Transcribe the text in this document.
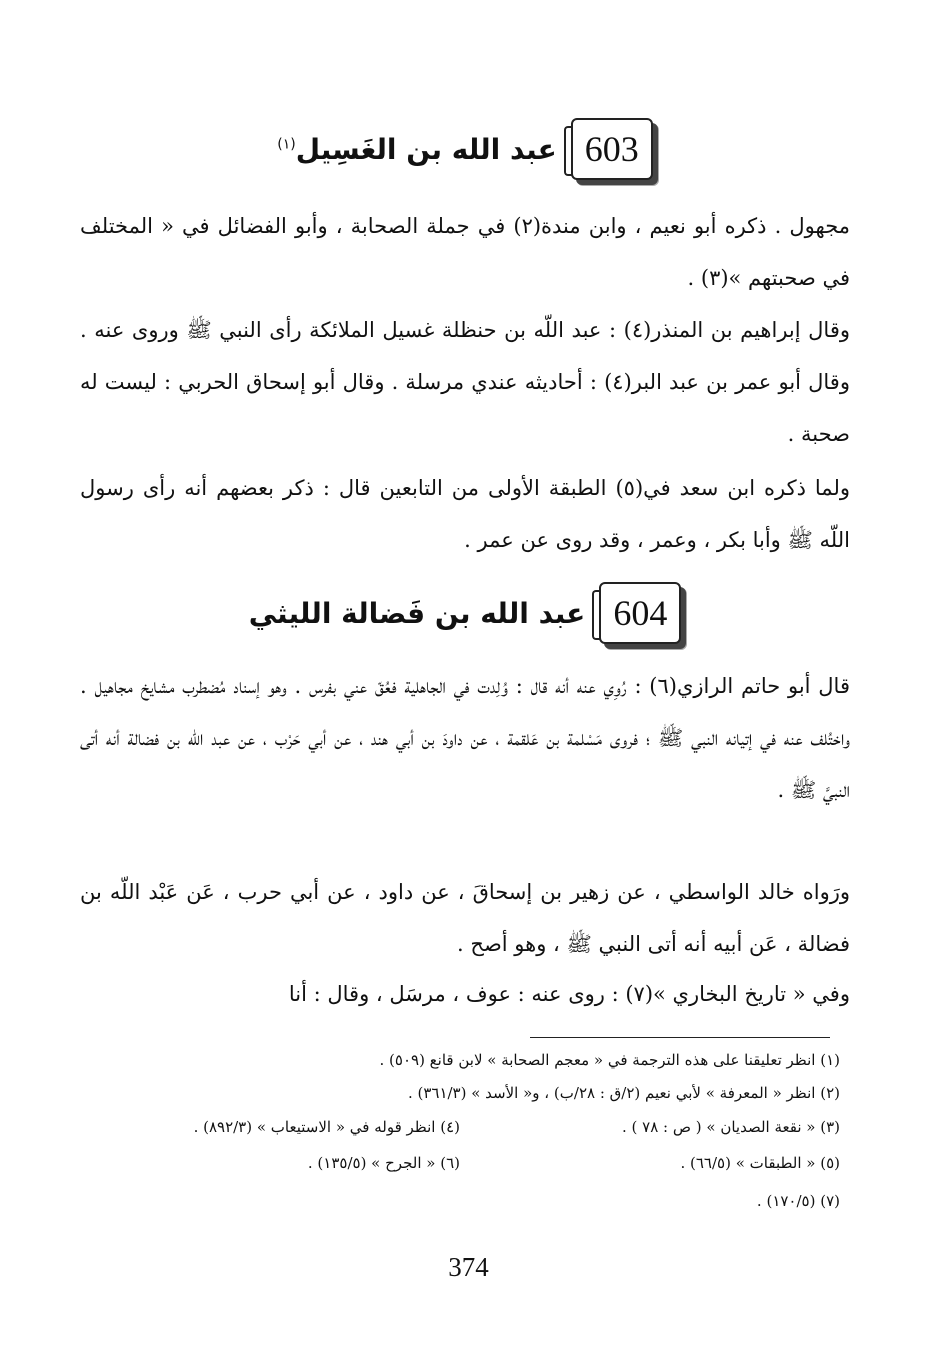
603
عبد الله بن الغَسِيل$^{(١)}$
مجهول . ذكره أبو نعيم ، وابن مندة(٢) في جملة الصحابة ، وأبو الفضائل في « المختلف في صحبتهم »(٣) .
وقال إبراهيم بن المنذر(٤) : عبد اللّه بن حنظلة غسيل الملائكة رأى النبي ﷺ وروى عنه . وقال أبو عمر بن عبد البر(٤) : أحاديثه عندي مرسلة . وقال أبو إسحاق الحربي : ليست له صحبة .
ولما ذكره ابن سعد في(٥) الطبقة الأولى من التابعين قال : ذكر بعضهم أنه رأى رسول اللّه ﷺ وأبا بكر ، وعمر ، وقد روى عن عمر .
604
عبد الله بن فَضالة الليثي
قال أبو حاتم الرازي(٦) : رُوِي عنه أنه قال : وُلِدت في الجاهلية فعُقّ عني بفرس . وهو إسناد مُضطرب مشايخ مجاهيل . واختُلف عنه في إتيانه النبي ﷺ ؛ فروى مَسْلمة بن عَلقمة ، عن داودَ بن أبي هند ، عن أبي حَرْب ، عن عبد اللّه بن فضالة أنه أتى النبيَّ ﷺ .
ورَواه خالد الواسطي ، عن زهير بن إسحاقَ ، عن داود ، عن أبي حرب ، عَن عَبْد اللّه بن فضالة ، عَن أبيه أنه أتى النبي ﷺ ، وهو أصح .
وفي « تاريخ البخاري »(٧) : روى عنه : عوف ، مرسَل ، وقال : أنا
(١) انظر تعليقنا على هذه الترجمة في « معجم الصحابة » لابن قانع (٥٠٩) .
(٢) انظر « المعرفة » لأبي نعيم (٢/ق : ٢٨/ب) ، و« الأسد » (٣٦١/٣) .
(٣) « نقعة الصديان » ( ص : ٧٨ ) .
(٤) انظر قوله في « الاستيعاب » (٨٩٢/٣) .
(٥) « الطبقات » (٦٦/٥) .
(٦) « الجرح » (١٣٥/٥) .
(٧) (١٧٠/٥) .
374
